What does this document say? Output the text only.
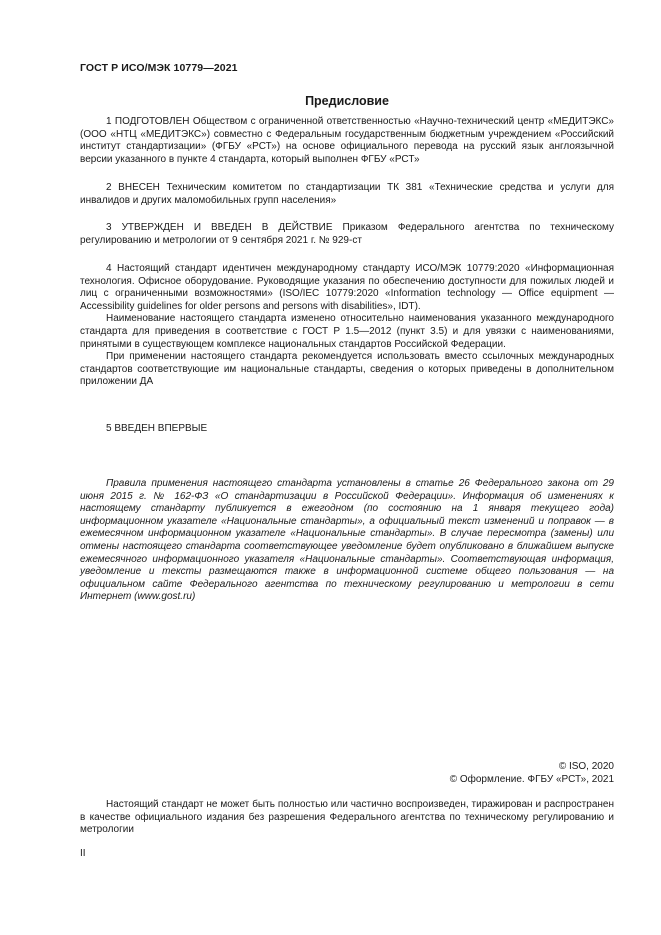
ГОСТ Р ИСО/МЭК 10779—2021
Предисловие

1 ПОДГОТОВЛЕН Обществом с ограниченной ответственностью «Научно-технический центр «МЕДИТЭКС» (ООО «НТЦ «МЕДИТЭКС») совместно с Федеральным государственным бюджетным учреждением «Российский институт стандартизации» (ФГБУ «РСТ») на основе официального перевода на русский язык англоязычной версии указанного в пункте 4 стандарта, который выполнен ФГБУ «РСТ»

2 ВНЕСЕН Техническим комитетом по стандартизации ТК 381 «Технические средства и услуги для инвалидов и других маломобильных групп населения»

3 УТВЕРЖДЕН И ВВЕДЕН В ДЕЙСТВИЕ Приказом Федерального агентства по техническому регулированию и метрологии от 9 сентября 2021 г. № 929-ст

4 Настоящий стандарт идентичен международному стандарту ИСО/МЭК 10779:2020 «Информационная технология. Офисное оборудование. Руководящие указания по обеспечению доступности для пожилых людей и лиц с ограниченными возможностями» (ISO/IEC 10779:2020 «Information technology — Office equipment — Accessibility guidelines for older persons and persons with disabilities», IDT).

Наименование настоящего стандарта изменено относительно наименования указанного международного стандарта для приведения в соответствие с ГОСТ Р 1.5—2012 (пункт 3.5) и для увязки с наименованиями, принятыми в существующем комплексе национальных стандартов Российской Федерации.

При применении настоящего стандарта рекомендуется использовать вместо ссылочных международных стандартов соответствующие им национальные стандарты, сведения о которых приведены в дополнительном приложении ДА

5 ВВЕДЕН ВПЕРВЫЕ

Правила применения настоящего стандарта установлены в статье 26 Федерального закона от 29 июня 2015 г. № 162-ФЗ «О стандартизации в Российской Федерации». Информация об изменениях к настоящему стандарту публикуется в ежегодном (по состоянию на 1 января текущего года) информационном указателе «Национальные стандарты», а официальный текст изменений и поправок — в ежемесячном информационном указателе «Национальные стандарты». В случае пересмотра (замены) или отмены настоящего стандарта соответствующее уведомление будет опубликовано в ближайшем выпуске ежемесячного информационного указателя «Национальные стандарты». Соответствующая информация, уведомление и тексты размещаются также в информационной системе общего пользования — на официальном сайте Федерального агентства по техническому регулированию и метрологии в сети Интернет (www.gost.ru)

© ISO, 2020
© Оформление. ФГБУ «РСТ», 2021

Настоящий стандарт не может быть полностью или частично воспроизведен, тиражирован и распространен в качестве официального издания без разрешения Федерального агентства по техническому регулированию и метрологии

II
